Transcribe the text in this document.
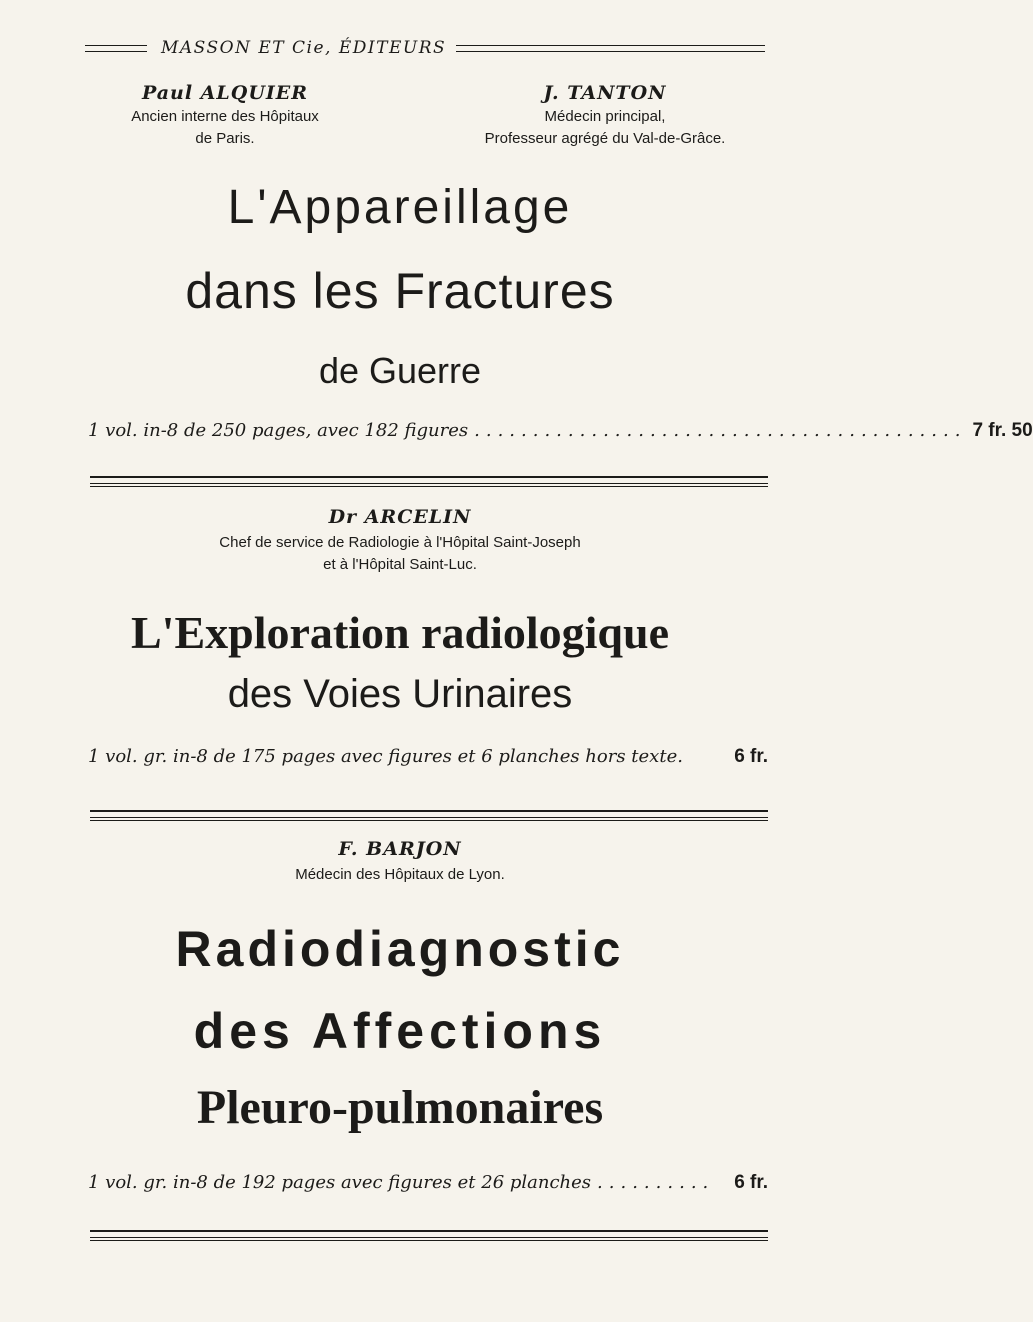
MASSON ET Cie, ÉDITEURS
Paul ALQUIER
Ancien interne des Hôpitaux
de Paris.
J. TANTON
Médecin principal,
Professeur agrégé du Val-de-Grâce.
L'Appareillage
dans les Fractures
de Guerre
1 vol. in-8 de 250 pages, avec 182 figures .......................................... 7 fr. 50
Dr ARCELIN
Chef de service de Radiologie à l'Hôpital Saint-Joseph
et à l'Hôpital Saint-Luc.
L'Exploration radiologique
des Voies Urinaires
1 vol. gr. in-8 de 175 pages avec figures et 6 planches hors texte.	6 fr.
F. BARJON
Médecin des Hôpitaux de Lyon.
Radiodiagnostic
des Affections
Pleuro-pulmonaires
1 vol. gr. in-8 de 192 pages avec figures et 26 planches ..........	6 fr.
